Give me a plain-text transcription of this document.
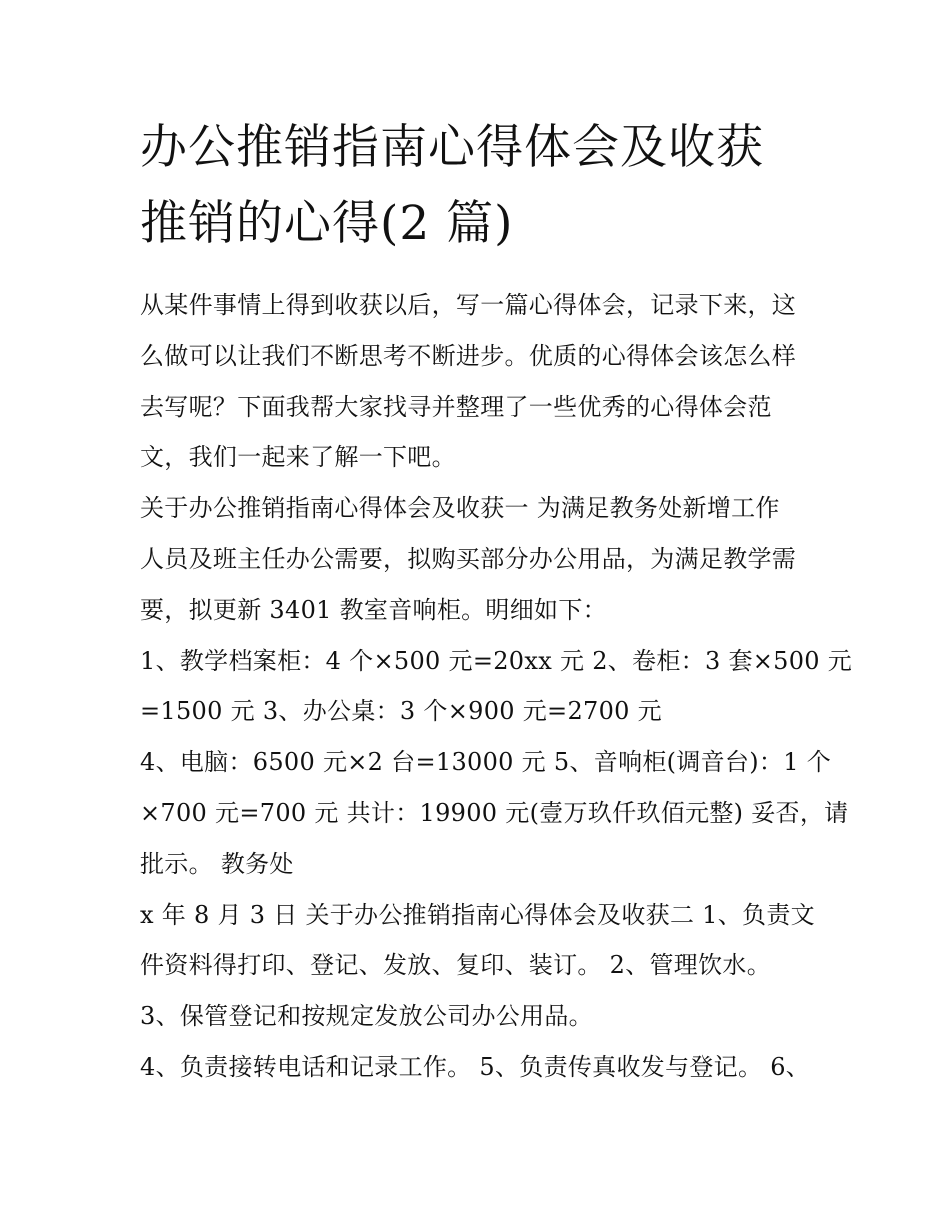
办公推销指南心得体会及收获
推销的心得(2 篇)
从某件事情上得到收获以后，写一篇心得体会，记录下来，这
么做可以让我们不断思考不断进步。优质的心得体会该怎么样
去写呢？下面我帮大家找寻并整理了一些优秀的心得体会范
文，我们一起来了解一下吧。
关于办公推销指南心得体会及收获一 为满足教务处新增工作
人员及班主任办公需要，拟购买部分办公用品，为满足教学需
要，拟更新 3401 教室音响柜。明细如下：
1、教学档案柜：4 个×500 元=20xx 元 2、卷柜：3 套×500 元
=1500 元 3、办公桌：3 个×900 元=2700 元
4、电脑：6500 元×2 台=13000 元 5、音响柜(调音台)：1 个
×700 元=700 元 共计：19900 元(壹万玖仟玖佰元整) 妥否，请
批示。 教务处
x 年 8 月 3 日 关于办公推销指南心得体会及收获二 1、负责文
件资料得打印、登记、发放、复印、装订。 2、管理饮水。
3、保管登记和按规定发放公司办公用品。
4、负责接转电话和记录工作。 5、负责传真收发与登记。 6、
